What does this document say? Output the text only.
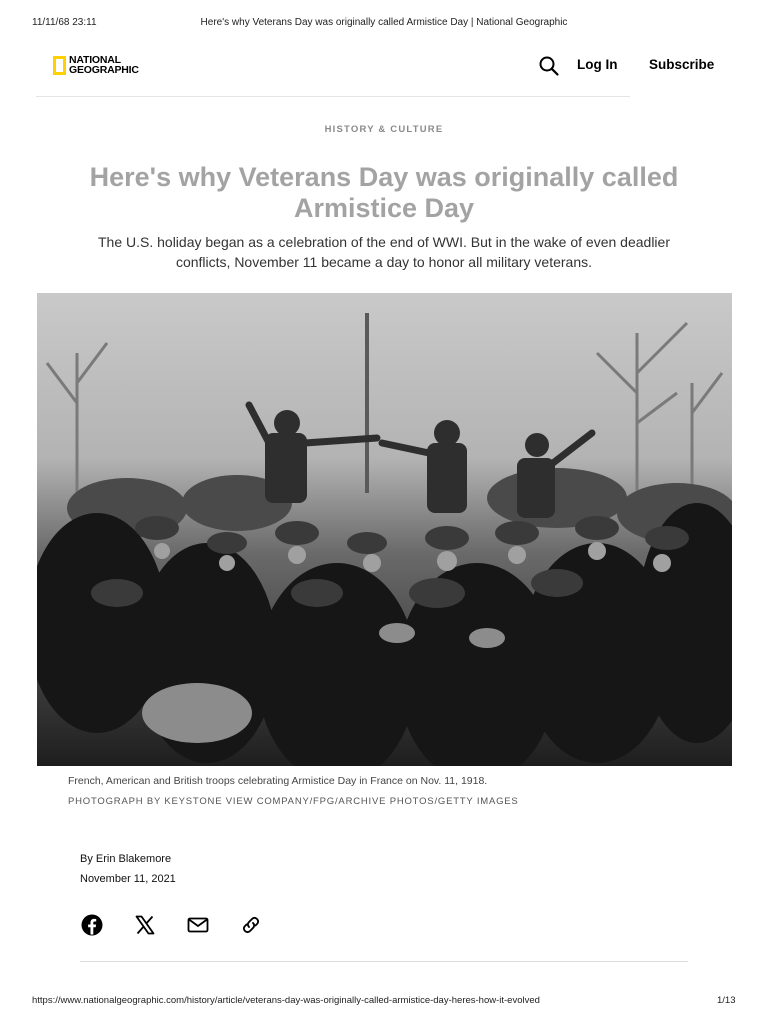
11/11/68 23:11	Here's why Veterans Day was originally called Armistice Day | National Geographic
NATIONAL
GEOGRAPHIC	Log In Subscribe
HISTORY & CULTURE
Here's why Veterans Day was originally called Armistice Day

The U.S. holiday began as a celebration of the end of WWI. But in the wake of even deadlier conflicts, November 11 became a day to honor all military veterans.

French, American and British troops celebrating Armistice Day in France on Nov. 11, 1918.
PHOTOGRAPH BY KEYSTONE VIEW COMPANY/FPG/ARCHIVE PHOTOS/GETTY IMAGES
By Erin Blakemore
November 11, 2021
https://www.nationalgeographic.com/history/article/veterans-day-was-originally-called-armistice-day-heres-how-it-evolved	1/13
